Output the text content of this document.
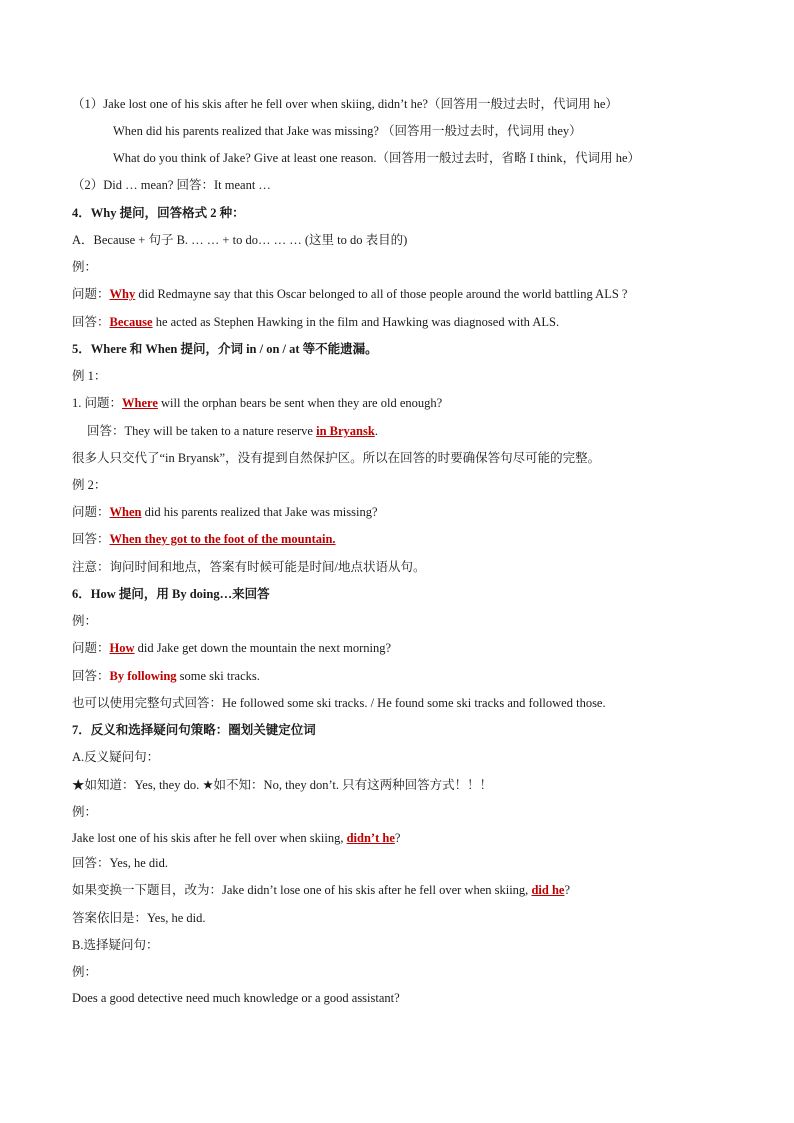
（1）Jake lost one of his skis after he fell over when skiing, didn’t he?（回答用一般过去时，代词用 he）
When did his parents realized that Jake was missing? （回答用一般过去时，代词用 they）
What do you think of Jake? Give at least one reason.（回答用一般过去时，省略 I think，代词用 he）
（2）Did … mean? 回答：It meant …
4．Why 提问，回答格式 2 种：
A．Because + 句子 B. … … + to do… … … (这里 to do 表目的)
例：
问题：Why did Redmayne say that this Oscar belonged to all of those people around the world battling ALS ?
回答：Because he acted as Stephen Hawking in the film and Hawking was diagnosed with ALS.
5．Where 和 When 提问，介词 in / on / at 等不能遗漏。
例 1：
1. 问题：Where will the orphan bears be sent when they are old enough?
回答：They will be taken to a nature reserve in Bryansk.
很多人只交代了“in Bryansk”，没有提到自然保护区。所以在回答的时要确保答句尽可能的完整。
例 2：
问题：When did his parents realized that Jake was missing?
回答：When they got to the foot of the mountain.
注意：询问时间和地点，答案有时候可能是时间/地点状语从句。
6．How 提问，用 By doing…来回答
例：
问题：How did Jake get down the mountain the next morning?
回答：By following some ski tracks.
也可以使用完整句式回答：He followed some ski tracks. / He found some ski tracks and followed those.
7．反义和选择疑问句策略：圈划关键定位词
A.反义疑问句：
★如知道：Yes, they do. ★如不知：No, they don’t. 只有这两种回答方式！！！
例：
Jake lost one of his skis after he fell over when skiing, didn’t he?
回答：Yes, he did.
如果变换一下题目，改为：Jake didn’t lose one of his skis after he fell over when skiing, did he?
答案依旧是：Yes, he did.
B.选择疑问句：
例：
Does a good detective need much knowledge or a good assistant?
